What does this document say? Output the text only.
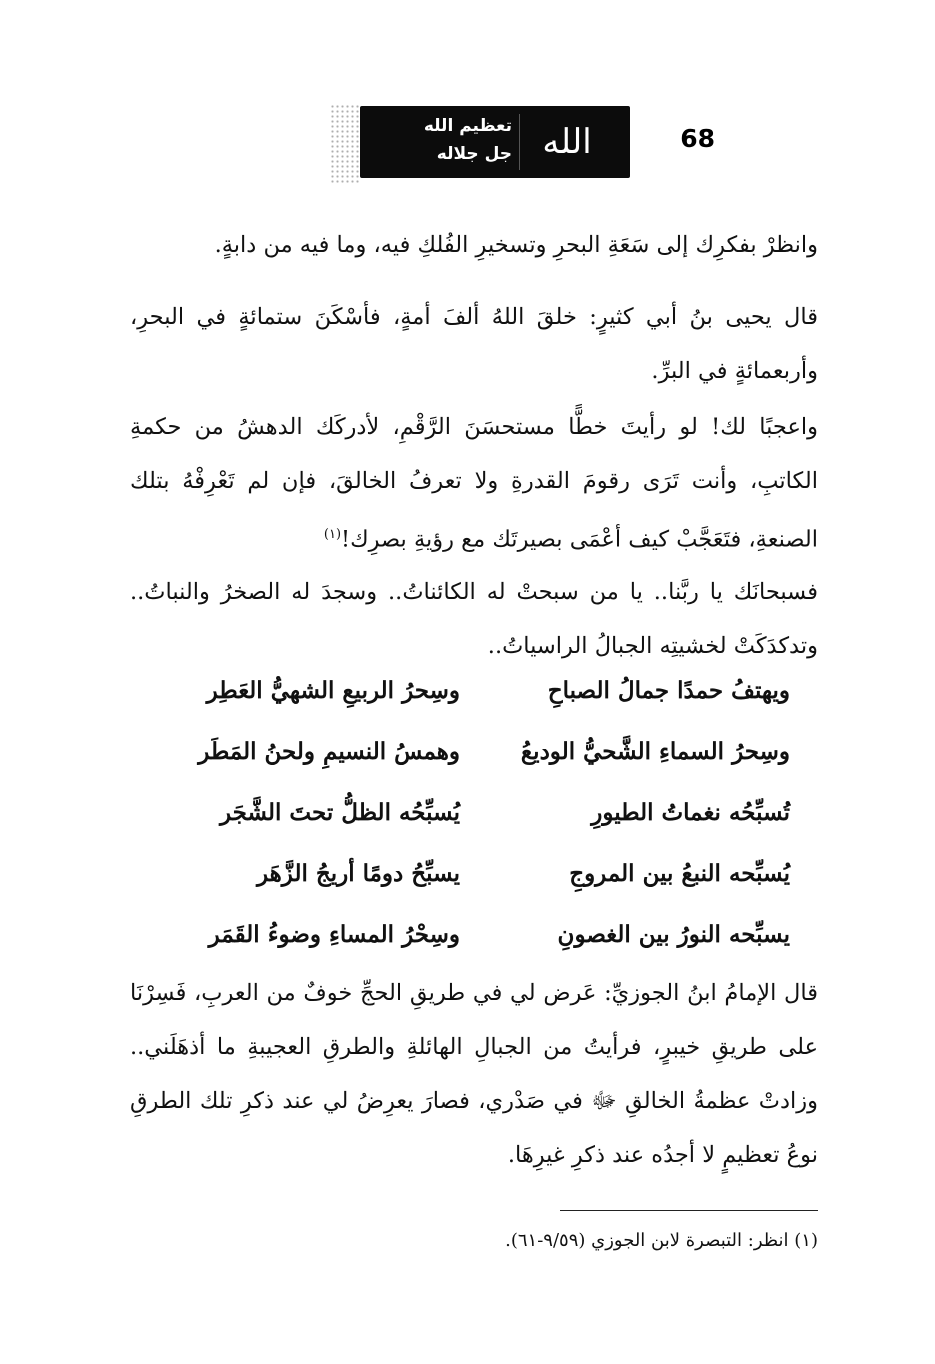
تعظيم الله
جل جلاله الله	68
وانظرْ بفكرِك إلى سَعَةِ البحرِ وتسخيرِ الفُلكِ فيه، وما فيه من دابةٍ.
قال يحيى بنُ أبي كثيرٍ: خلقَ اللهُ ألفَ أمةٍ، فأسْكَنَ ستمائةٍ في البحرِ، وأربعمائةٍ في البرِّ.
واعجبًا لك! لو رأيتَ خطًّا مستحسَنَ الرَّقْمِ، لأدركَك الدهشُ من حكمةِ الكاتبِ، وأنت تَرَى رقومَ القدرةِ ولا تعرفُ الخالقَ، فإن لم تَعْرِفْهُ بتلك الصنعةِ، فتَعَجَّبْ كيف أعْمَى بصيرتَك مع رؤيةِ بصرِك!$^{(١)}$
فسبحانَك يا ربَّنا.. يا من سبحتْ له الكائناتُ.. وسجدَ له الصخرُ والنباتُ.. وتدكدَكَتْ لخشيتِه الجبالُ الراسياتُ..
ويهتفُ حمدًا جمالُ الصباحِ
وسِحرُ الربيعِ الشهيُّ العَطِر
وسِحرُ السماءِ الشَّحيُّ الوديعُ
وهمسُ النسيمِ ولحنُ المَطَر
تُسبِّحُه نغماتُ الطيورِ
يُسبِّحُه الظلُّ تحتَ الشَّجَر
يُسبِّحه النبعُ بين المروجِ
يسبِّحُ دومًا أريجُ الزَّهَر
يسبِّحه النورُ بين الغصونِ
وسِحْرُ المساءِ وضوءُ القَمَر
قال الإمامُ ابنُ الجوزيِّ: عَرض لي في طريقِ الحجِّ خوفٌ من العربِ، فَسِرْنَا على طريقِ خيبرٍ، فرأيتُ من الجبالِ الهائلةِ والطرقِ العجيبةِ ما أذهَلَني.. وزادتْ عظمةُ الخالقِ ﷻ في صَدْري، فصارَ يعرِضُ لي عند ذكرِ تلك الطرقِ نوعُ تعظيمٍ لا أجدُه عند ذكرِ غيرِهَا.
(١) انظر: التبصرة لابن الجوزي (٩/٥٩-٦١).
